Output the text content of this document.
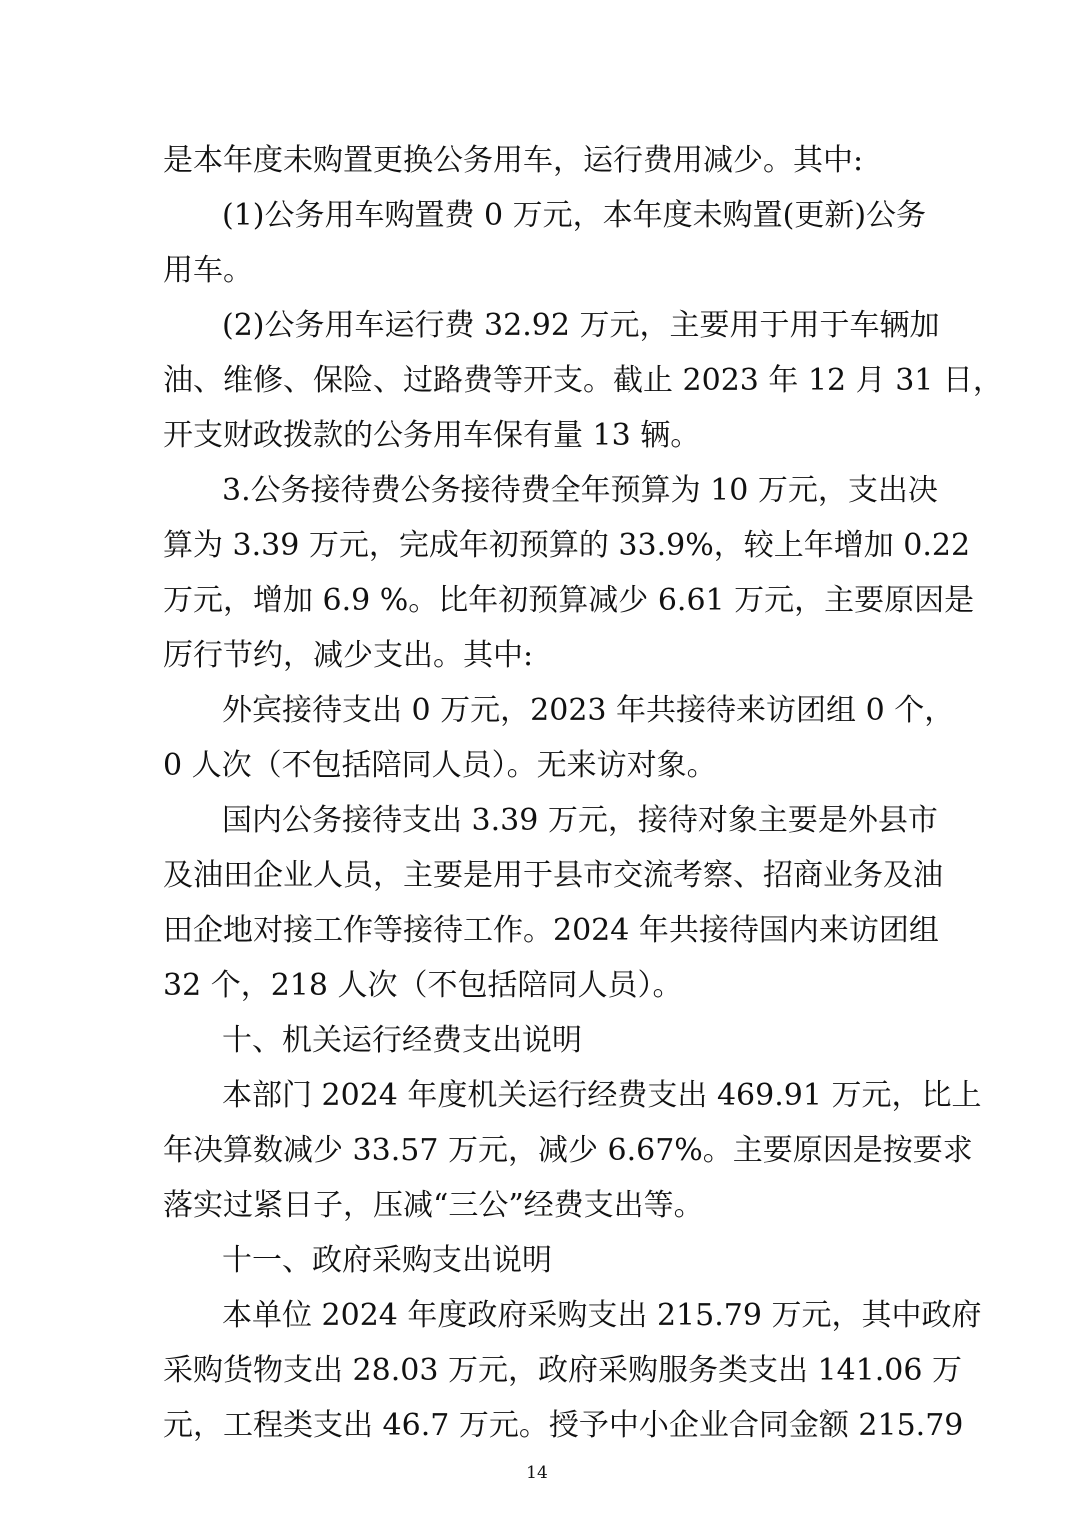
是本年度未购置更换公务用车，运行费用减少。其中:
(1)公务用车购置费 0 万元，本年度未购置(更新)公务
用车。
(2)公务用车运行费 32.92 万元，主要用于用于车辆加
油、维修、保险、过路费等开支。截止 2023 年 12 月 31 日，
开支财政拨款的公务用车保有量 13 辆。
3.公务接待费公务接待费全年预算为 10 万元，支出决
算为 3.39 万元，完成年初预算的 33.9%，较上年增加 0.22
万元，增加 6.9 %。比年初预算减少 6.61 万元，主要原因是
厉行节约，减少支出。其中:
外宾接待支出 0 万元，2023 年共接待来访团组 0 个，
0 人次（不包括陪同人员）。无来访对象。
国内公务接待支出 3.39 万元，接待对象主要是外县市
及油田企业人员，主要是用于县市交流考察、招商业务及油
田企地对接工作等接待工作。2024 年共接待国内来访团组
32 个，218 人次（不包括陪同人员）。
十、机关运行经费支出说明
本部门 2024 年度机关运行经费支出 469.91 万元，比上
年决算数减少 33.57 万元，减少 6.67%。主要原因是按要求
落实过紧日子，压减“三公”经费支出等。
十一、政府采购支出说明
本单位 2024 年度政府采购支出 215.79 万元，其中政府
采购货物支出 28.03 万元，政府采购服务类支出 141.06 万
元，工程类支出 46.7 万元。授予中小企业合同金额 215.79
14
